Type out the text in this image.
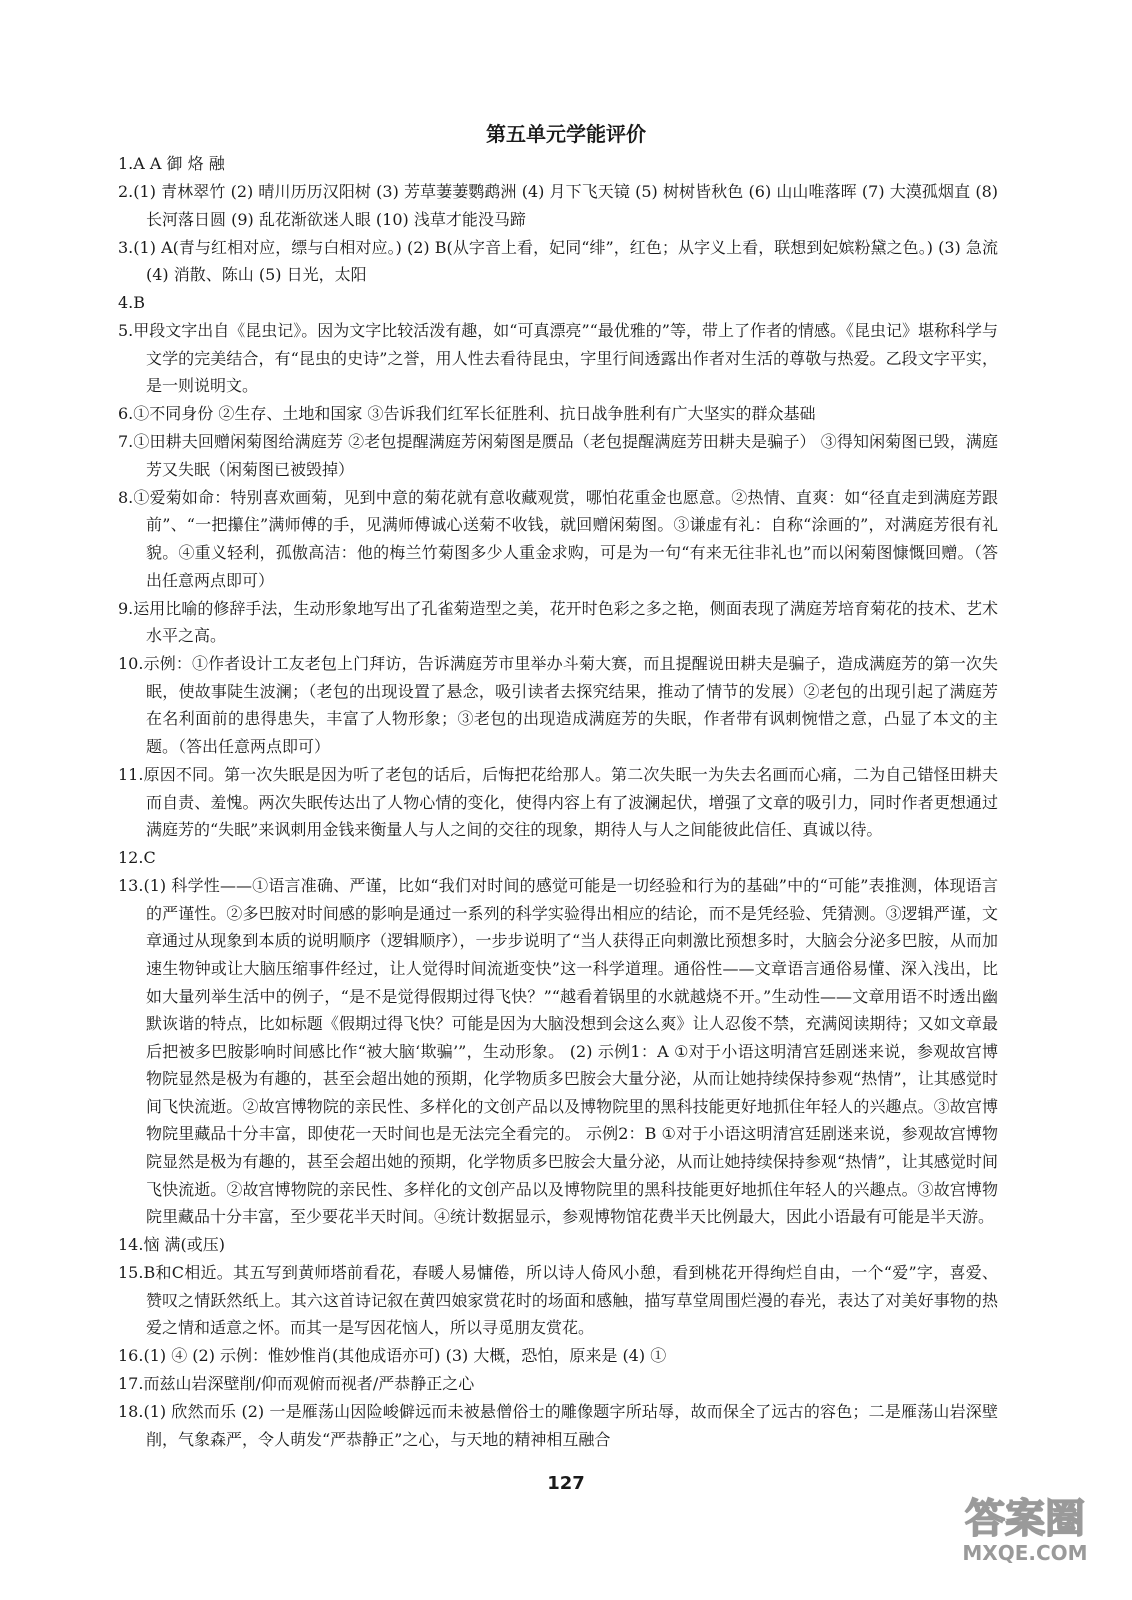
第五单元学能评价

1.A A 御 烙 融

2.(1) 青林翠竹 (2) 晴川历历汉阳树 (3) 芳草萋萋鹦鹉洲 (4) 月下飞天镜 (5) 树树皆秋色 (6) 山山唯落晖 (7) 大漠孤烟直 (8) 长河落日圆 (9) 乱花渐欲迷人眼 (10) 浅草才能没马蹄

3.(1) A(青与红相对应，缥与白相对应。) (2) B(从字音上看，妃同“绯”，红色；从字义上看，联想到妃嫔粉黛之色。) (3) 急流 (4) 消散、陈山 (5) 日光，太阳

4.B

5.甲段文字出自《昆虫记》。因为文字比较活泼有趣，如“可真漂亮”“最优雅的”等，带上了作者的情感。《昆虫记》堪称科学与文学的完美结合，有“昆虫的史诗”之誉，用人性去看待昆虫，字里行间透露出作者对生活的尊敬与热爱。乙段文字平实，是一则说明文。

6.①不同身份 ②生存、土地和国家 ③告诉我们红军长征胜利、抗日战争胜利有广大坚实的群众基础

7.①田耕夫回赠闲菊图给满庭芳 ②老包提醒满庭芳闲菊图是赝品（老包提醒满庭芳田耕夫是骗子） ③得知闲菊图已毁，满庭芳又失眠（闲菊图已被毁掉）

8.①爱菊如命：特别喜欢画菊，见到中意的菊花就有意收藏观赏，哪怕花重金也愿意。②热情、直爽：如“径直走到满庭芳跟前”、“一把攥住”满师傅的手，见满师傅诚心送菊不收钱，就回赠闲菊图。③谦虚有礼：自称“涂画的”，对满庭芳很有礼貌。④重义轻利，孤傲高洁：他的梅兰竹菊图多少人重金求购，可是为一句“有来无往非礼也”而以闲菊图慷慨回赠。（答出任意两点即可）

9.运用比喻的修辞手法，生动形象地写出了孔雀菊造型之美，花开时色彩之多之艳，侧面表现了满庭芳培育菊花的技术、艺术水平之高。

10.示例：①作者设计工友老包上门拜访，告诉满庭芳市里举办斗菊大赛，而且提醒说田耕夫是骗子，造成满庭芳的第一次失眠，使故事陡生波澜；（老包的出现设置了悬念，吸引读者去探究结果，推动了情节的发展）②老包的出现引起了满庭芳在名利面前的患得患失，丰富了人物形象；③老包的出现造成满庭芳的失眠，作者带有讽刺惋惜之意，凸显了本文的主题。（答出任意两点即可）

11.原因不同。第一次失眠是因为听了老包的话后，后悔把花给那人。第二次失眠一为失去名画而心痛，二为自己错怪田耕夫而自责、羞愧。两次失眠传达出了人物心情的变化，使得内容上有了波澜起伏，增强了文章的吸引力，同时作者更想通过满庭芳的“失眠”来讽刺用金钱来衡量人与人之间的交往的现象，期待人与人之间能彼此信任、真诚以待。

12.C

13.(1) 科学性——①语言准确、严谨，比如“我们对时间的感觉可能是一切经验和行为的基础”中的“可能”表推测，体现语言的严谨性。②多巴胺对时间感的影响是通过一系列的科学实验得出相应的结论，而不是凭经验、凭猜测。③逻辑严谨，文章通过从现象到本质的说明顺序（逻辑顺序），一步步说明了“当人获得正向刺激比预想多时，大脑会分泌多巴胺，从而加速生物钟或让大脑压缩事件经过，让人觉得时间流逝变快”这一科学道理。通俗性——文章语言通俗易懂、深入浅出，比如大量列举生活中的例子，“是不是觉得假期过得飞快？”“越看着锅里的水就越烧不开。”生动性——文章用语不时透出幽默诙谐的特点，比如标题《假期过得飞快？可能是因为大脑没想到会这么爽》让人忍俊不禁，充满阅读期待；又如文章最后把被多巴胺影响时间感比作“被大脑‘欺骗’”，生动形象。 (2) 示例1：A ①对于小语这明清宫廷剧迷来说，参观故宫博物院显然是极为有趣的，甚至会超出她的预期，化学物质多巴胺会大量分泌，从而让她持续保持参观“热情”，让其感觉时间飞快流逝。②故宫博物院的亲民性、多样化的文创产品以及博物院里的黑科技能更好地抓住年轻人的兴趣点。③故宫博物院里藏品十分丰富，即使花一天时间也是无法完全看完的。 示例2：B ①对于小语这明清宫廷剧迷来说，参观故宫博物院显然是极为有趣的，甚至会超出她的预期，化学物质多巴胺会大量分泌，从而让她持续保持参观“热情”，让其感觉时间飞快流逝。②故宫博物院的亲民性、多样化的文创产品以及博物院里的黑科技能更好地抓住年轻人的兴趣点。③故宫博物院里藏品十分丰富，至少要花半天时间。④统计数据显示，参观博物馆花费半天比例最大，因此小语最有可能是半天游。

14.恼 满(或压)

15.B和C相近。其五写到黄师塔前看花，春暖人易慵倦，所以诗人倚风小憩，看到桃花开得绚烂自由，一个“爱”字，喜爱、赞叹之情跃然纸上。其六这首诗记叙在黄四娘家赏花时的场面和感触，描写草堂周围烂漫的春光，表达了对美好事物的热爱之情和适意之怀。而其一是写因花恼人，所以寻觅朋友赏花。

16.(1) ④ (2) 示例：惟妙惟肖(其他成语亦可) (3) 大概，恐怕，原来是 (4) ①

17.而兹山岩深壁削/仰而观俯而视者/严恭静正之心

18.(1) 欣然而乐 (2) 一是雁荡山因险峻僻远而未被悬僧俗士的雕像题字所玷辱，故而保全了远古的容色；二是雁荡山岩深壁削，气象森严，令人萌发“严恭静正”之心，与天地的精神相互融合

127
答案圈
MXQE.COM
